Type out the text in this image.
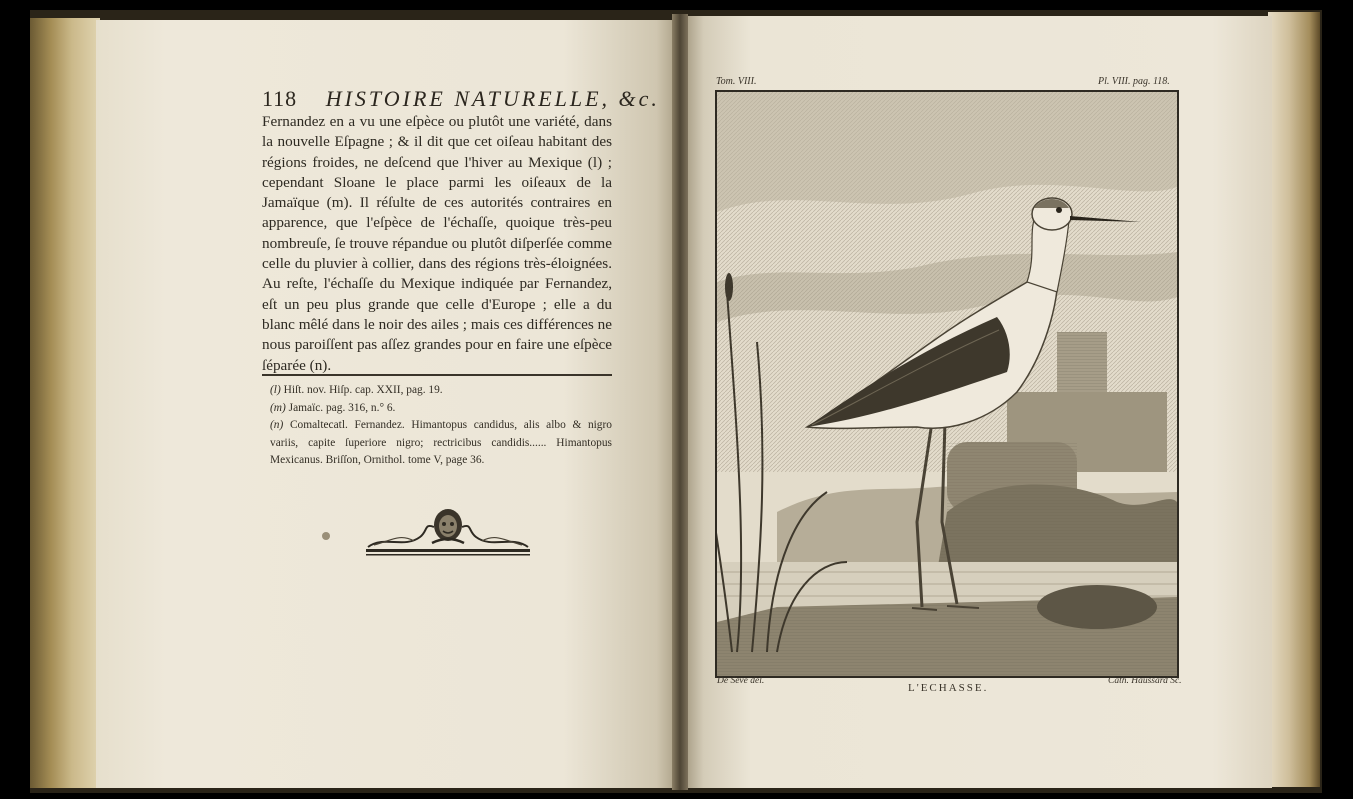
118 HISTOIRE NATURELLE, &c.

Fernandez en a vu une eſpèce ou plutôt une variété, dans la nouvelle Eſpagne ; & il dit que cet oiſeau habitant des régions froides, ne deſcend que l'hiver au Mexique (l) ; cependant Sloane le place parmi les oiſeaux de la Jamaïque (m). Il réſulte de ces autorités contraires en apparence, que l'eſpèce de l'échaſſe, quoique très-peu nombreuſe, ſe trouve répandue ou plutôt diſperſée comme celle du pluvier à collier, dans des régions très-éloignées. Au reſte, l'échaſſe du Mexique indiquée par Fernandez, eſt un peu plus grande que celle d'Europe ; elle a du blanc mêlé dans le noir des ailes ; mais ces différences ne nous paroiſſent pas aſſez grandes pour en faire une eſpèce ſéparée (n).

(l) Hiſt. nov. Hiſp. cap. XXII, pag. 19.

(m) Jamaïc. pag. 316, n.° 6.

(n) Comaltecatl. Fernandez. Himantopus candidus, alis albo & nigro variis, capite ſuperiore nigro; rectricibus candidis...... Himantopus Mexicanus. Briſſon, Ornithol. tome V, page 36.

Tom. VIII.	Pl. VIII. pag. 118.
De Seve del.	Cath. Haussard Sc.
L'ECHASSE.
